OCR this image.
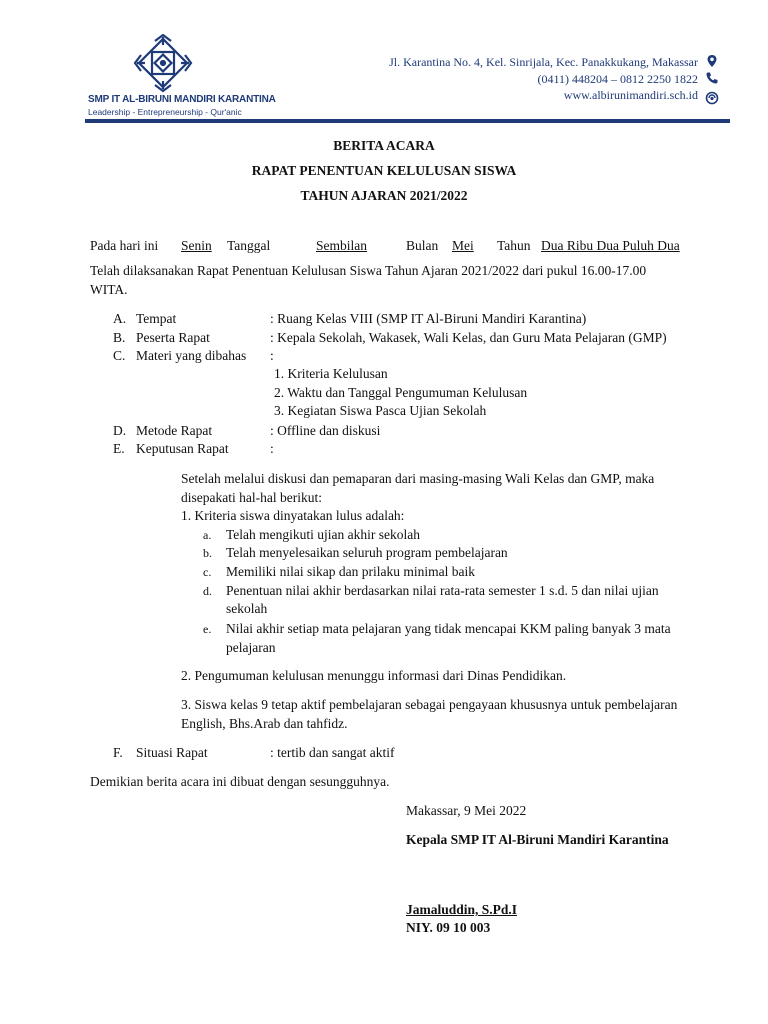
SMP IT AL-BIRUNI MANDIRI KARANTINA
Leadership - Entrepreneurship - Qur'anic
Jl. Karantina No. 4, Kel. Sinrijala, Kec. Panakkukang, Makassar
(0411) 448204 – 0812 2250 1822
www.albirunimandiri.sch.id
BERITA ACARA
RAPAT PENENTUAN KELULUSAN SISWA
TAHUN AJARAN 2021/2022
Pada hari ini Senin Tanggal	Sembilan	Bulan Mei Tahun Dua Ribu Dua Puluh Dua
Telah dilaksanakan Rapat Penentuan Kelulusan Siswa Tahun Ajaran 2021/2022 dari pukul 16.00-17.00
WITA.
A. Tempat	: Ruang Kelas VIII (SMP IT Al-Biruni Mandiri Karantina)
B. Peserta Rapat	: Kepala Sekolah, Wakasek, Wali Kelas, dan Guru Mata Pelajaran (GMP)
C. Materi yang dibahas :
1. Kriteria Kelulusan
2. Waktu dan Tanggal Pengumuman Kelulusan
3. Kegiatan Siswa Pasca Ujian Sekolah
D. Metode Rapat	: Offline dan diskusi
E. Keputusan Rapat	:
Setelah melalui diskusi dan pemaparan dari masing-masing Wali Kelas dan GMP, maka
disepakati hal-hal berikut:
1. Kriteria siswa dinyatakan lulus adalah:
a. Telah mengikuti ujian akhir sekolah
b. Telah menyelesaikan seluruh program pembelajaran
c. Memiliki nilai sikap dan prilaku minimal baik
d. Penentuan nilai akhir berdasarkan nilai rata-rata semester 1 s.d. 5 dan nilai ujian
sekolah
e. Nilai akhir setiap mata pelajaran yang tidak mencapai KKM paling banyak 3 mata
pelajaran
2. Pengumuman kelulusan menunggu informasi dari Dinas Pendidikan.
3. Siswa kelas 9 tetap aktif pembelajaran sebagai pengayaan khususnya untuk pembelajaran
English, Bhs.Arab dan tahfidz.
F. Situasi Rapat	: tertib dan sangat aktif
Demikian berita acara ini dibuat dengan sesungguhnya.
Makassar, 9 Mei 2022
Kepala SMP IT Al-Biruni Mandiri Karantina
Jamaluddin, S.Pd.I
NIY. 09 10 003
